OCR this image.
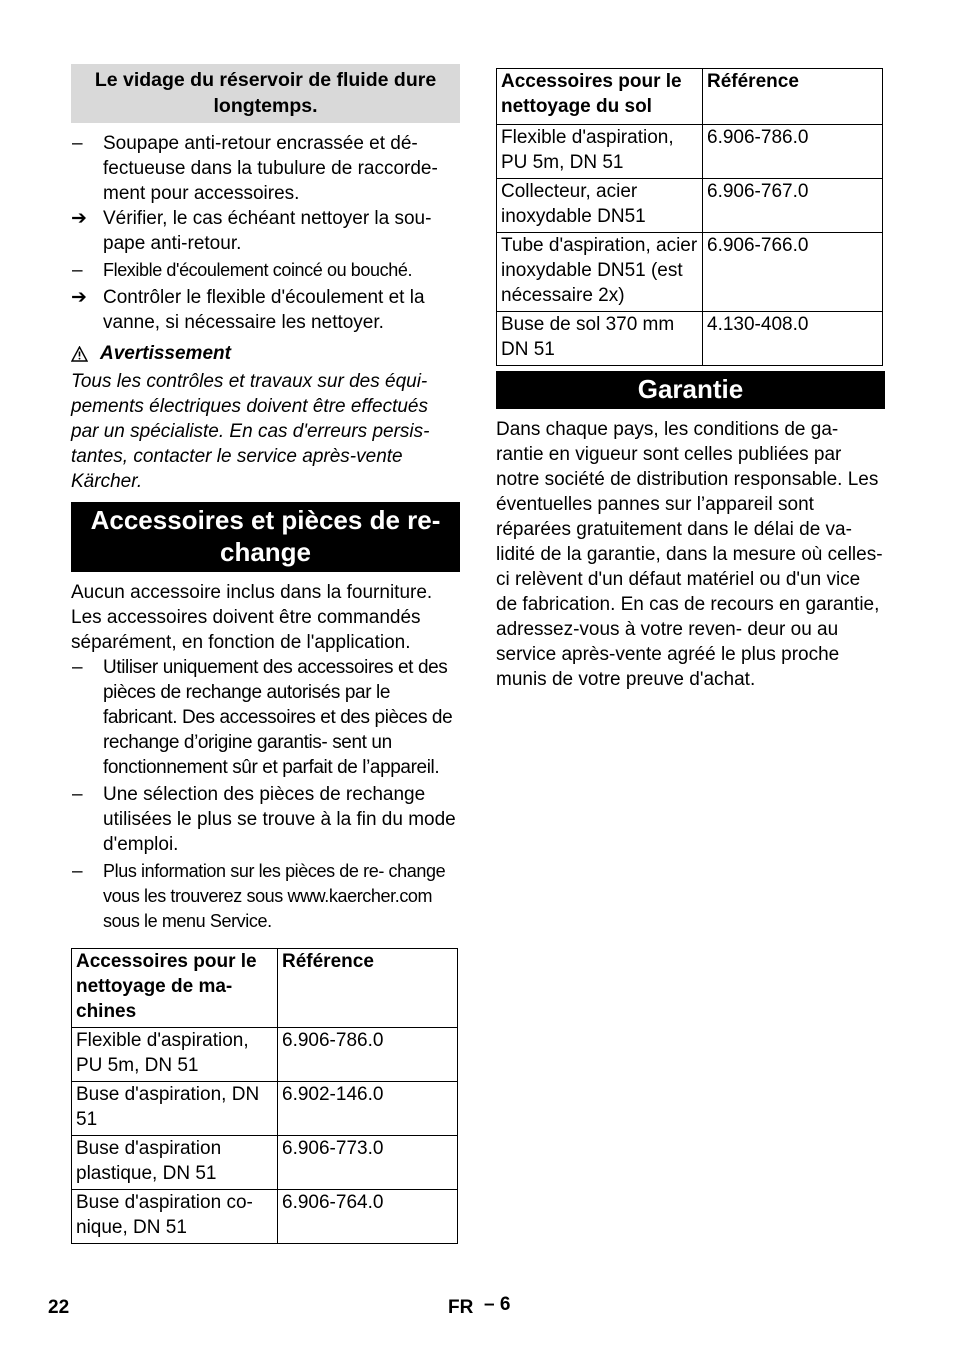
Le vidage du réservoir de fluide dure longtemps.
–	Soupape anti-retour encrassée et dé- fectueuse dans la tubulure de raccorde- ment pour accessoires.
➔ Vérifier, le cas échéant nettoyer la sou- pape anti-retour.
–	Flexible d'écoulement coincé ou bouché.
➔ Contrôler le flexible d'écoulement et la vanne, si nécessaire les nettoyer.
Avertissement
Tous les contrôles et travaux sur des équi- pements électriques doivent être effectués par un spécialiste. En cas d'erreurs persis- tantes, contacter le service après-vente Kärcher.
Accessoires et pièces de re- change
Aucun accessoire inclus dans la fourniture. Les accessoires doivent être commandés séparément, en fonction de l'application.
–	Utiliser uniquement des accessoires et des pièces de rechange autorisés par le fabricant. Des accessoires et des pièces de rechange d’origine garantis- sent un fonctionnement sûr et parfait de l’appareil.
–	Une sélection des pièces de rechange utilisées le plus se trouve à la fin du mode d'emploi.
–	Plus information sur les pièces de re- change vous les trouverez sous www.kaercher.com sous le menu Service.
Accessoires pour le nettoyage de ma- chines	Référence
Flexible d'aspiration, PU 5m, DN 51	6.906-786.0
Buse d'aspiration, DN 51	6.902-146.0
Buse d'aspiration plastique, DN 51	6.906-773.0
Buse d'aspiration co- nique, DN 51	6.906-764.0
Accessoires pour le nettoyage du sol	Référence
Flexible d'aspiration, PU 5m, DN 51	6.906-786.0
Collecteur, acier inoxydable DN51	6.906-767.0
Tube d'aspiration, acier inoxydable DN51 (est nécessaire 2x)	6.906-766.0
Buse de sol 370 mm DN 51	4.130-408.0
Garantie
Dans chaque pays, les conditions de ga- rantie en vigueur sont celles publiées par notre société de distribution responsable. Les éventuelles pannes sur l’appareil sont réparées gratuitement dans le délai de va- lidité de la garantie, dans la mesure où celles-ci relèvent d'un défaut matériel ou d'un vice de fabrication. En cas de recours en garantie, adressez-vous à votre reven- deur ou au service après-vente agréé le plus proche munis de votre preuve d'achat.
22	FR – 6
